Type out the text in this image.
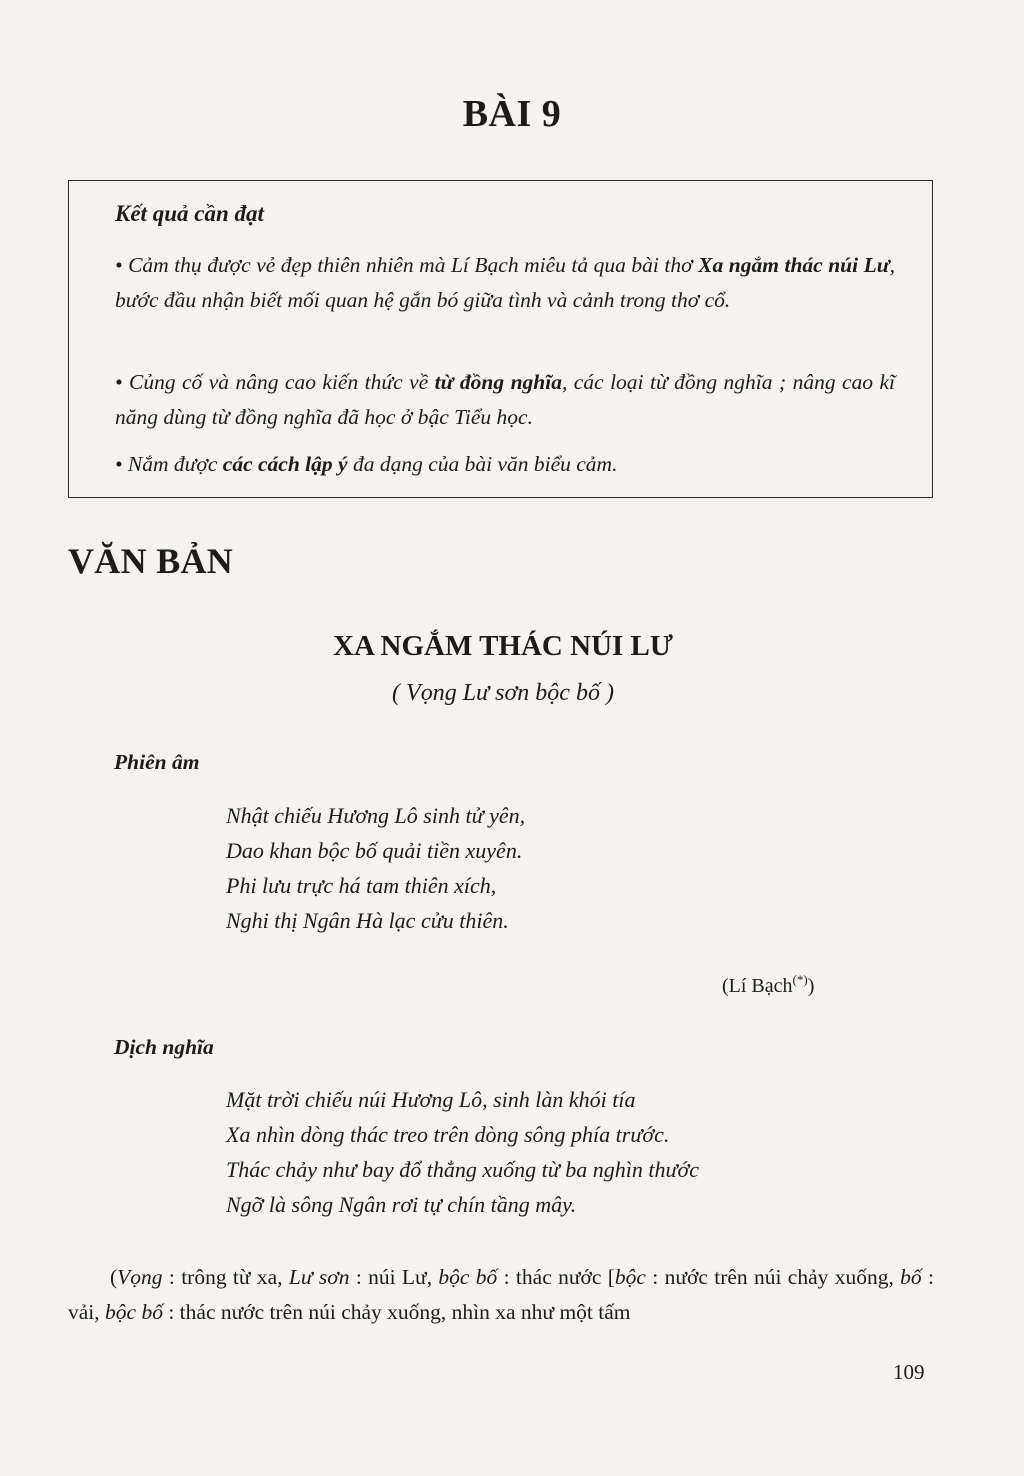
BÀI 9
Kết quả cần đạt

• Cảm thụ được vẻ đẹp thiên nhiên mà Lí Bạch miêu tả qua bài thơ Xa ngắm thác núi Lư, bước đầu nhận biết mối quan hệ gắn bó giữa tình và cảnh trong thơ cổ.

• Củng cố và nâng cao kiến thức về từ đồng nghĩa, các loại từ đồng nghĩa ; nâng cao kĩ năng dùng từ đồng nghĩa đã học ở bậc Tiểu học.

• Nắm được các cách lập ý đa dạng của bài văn biểu cảm.

VĂN BẢN
XA NGẮM THÁC NÚI LƯ

( Vọng Lư sơn bộc bố )

Phiên âm

Nhật chiếu Hương Lô sinh tử yên,
Dao khan bộc bố quải tiền xuyên.
Phi lưu trực há tam thiên xích,
Nghi thị Ngân Hà lạc cửu thiên.

(Lí Bạch(*))

Dịch nghĩa

Mặt trời chiếu núi Hương Lô, sinh làn khói tía
Xa nhìn dòng thác treo trên dòng sông phía trước.
Thác chảy như bay đổ thẳng xuống từ ba nghìn thước
Ngỡ là sông Ngân rơi tự chín tầng mây.

(Vọng : trông từ xa, Lư sơn : núi Lư, bộc bố : thác nước [bộc : nước trên núi chảy xuống, bố : vải, bộc bố : thác nước trên núi chảy xuống, nhìn xa như một tấm

109
